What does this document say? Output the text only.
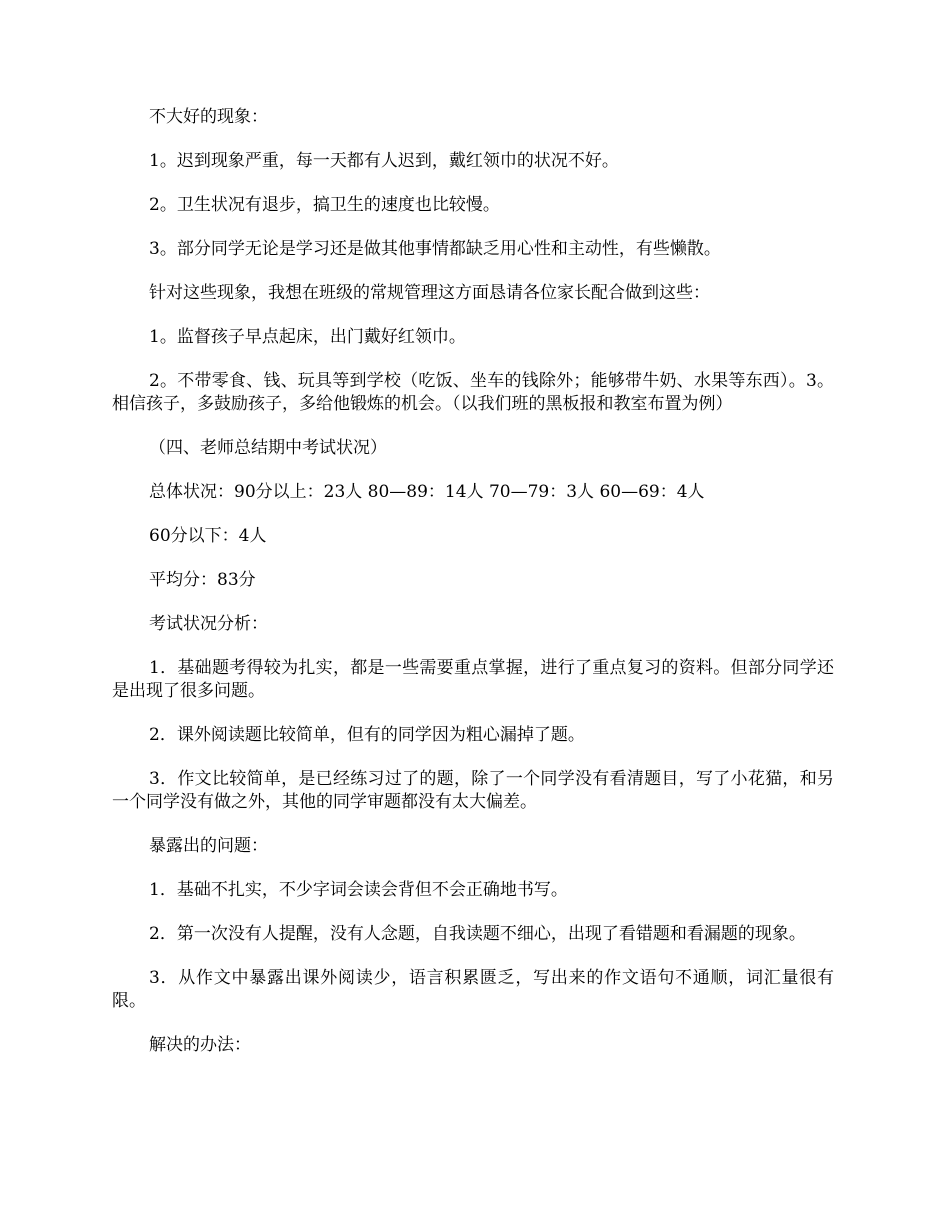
不大好的现象：

1。迟到现象严重，每一天都有人迟到，戴红领巾的状况不好。

2。卫生状况有退步，搞卫生的速度也比较慢。

3。部分同学无论是学习还是做其他事情都缺乏用心性和主动性，有些懒散。

针对这些现象，我想在班级的常规管理这方面恳请各位家长配合做到这些：

1。监督孩子早点起床，出门戴好红领巾。

2。不带零食、钱、玩具等到学校（吃饭、坐车的钱除外；能够带牛奶、水果等东西）。3。相信孩子，多鼓励孩子，多给他锻炼的机会。（以我们班的黑板报和教室布置为例）

（四、老师总结期中考试状况）

总体状况：90分以上：23人 80—89：14人 70—79：3人 60—69：4人

60分以下：4人

平均分：83分

考试状况分析：

1．基础题考得较为扎实，都是一些需要重点掌握，进行了重点复习的资料。但部分同学还是出现了很多问题。

2．课外阅读题比较简单，但有的同学因为粗心漏掉了题。

3．作文比较简单，是已经练习过了的题，除了一个同学没有看清题目，写了小花猫，和另一个同学没有做之外，其他的同学审题都没有太大偏差。

暴露出的问题：

1．基础不扎实，不少字词会读会背但不会正确地书写。

2．第一次没有人提醒，没有人念题，自我读题不细心，出现了看错题和看漏题的现象。

3．从作文中暴露出课外阅读少，语言积累匮乏，写出来的作文语句不通顺，词汇量很有限。

解决的办法：
